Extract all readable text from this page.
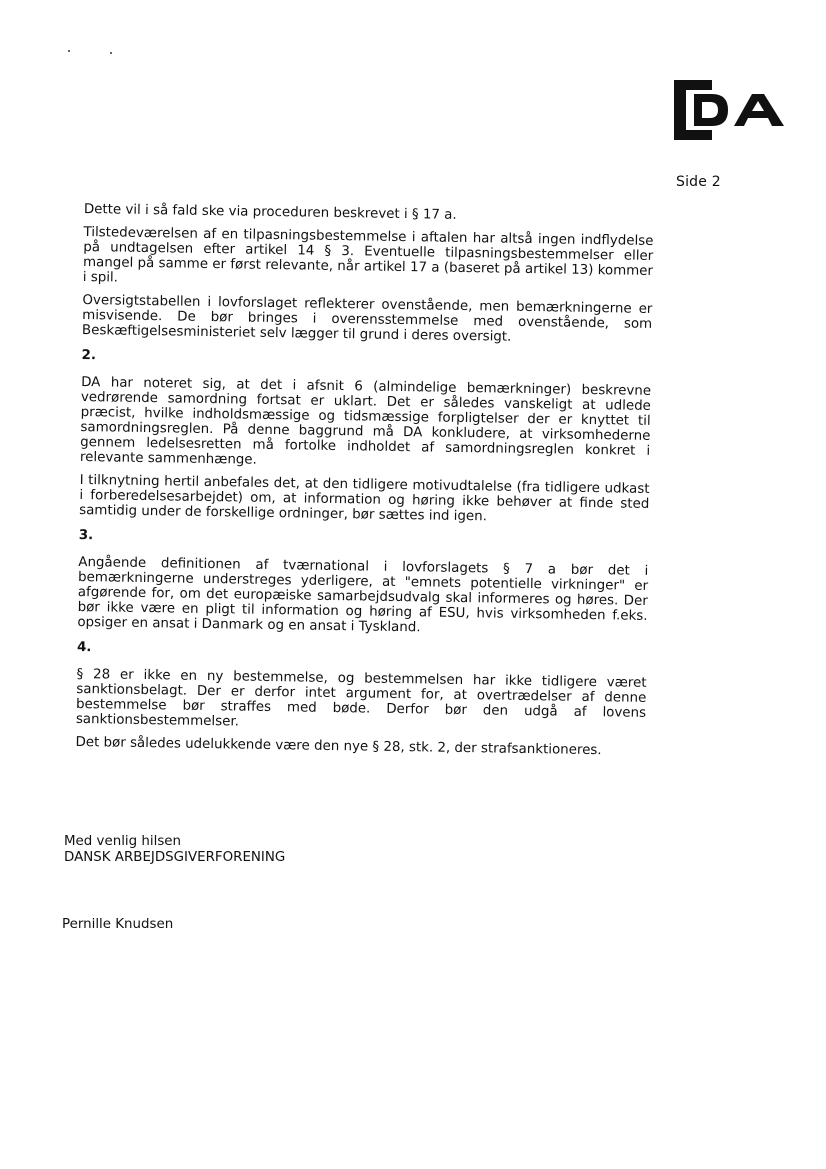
Side 2

Dette vil i så fald ske via proceduren beskrevet i § 17 a.

Tilstedeværelsen af en tilpasningsbestemmelse i aftalen har altså ingen indflydelse på undtagelsen efter artikel 14 § 3. Eventuelle tilpasningsbestemmelser eller mangel på samme er først relevante, når artikel 17 a (baseret på artikel 13) kommer i spil.

Oversigtstabellen i lovforslaget reflekterer ovenstående, men bemærkningerne er misvisende. De bør bringes i overensstemmelse med ovenstående, som Beskæftigelsesministeriet selv lægger til grund i deres oversigt.

2.

DA har noteret sig, at det i afsnit 6 (almindelige bemærkninger) beskrevne vedrørende samordning fortsat er uklart. Det er således vanskeligt at udlede præcist, hvilke indholdsmæssige og tidsmæssige forpligtelser der er knyttet til samordningsreglen. På denne baggrund må DA konkludere, at virksomhederne gennem ledelsesretten må fortolke indholdet af samordningsreglen konkret i relevante sammenhænge.

I tilknytning hertil anbefales det, at den tidligere motivudtalelse (fra tidligere udkast i forberedelsesarbejdet) om, at information og høring ikke behøver at finde sted samtidig under de forskellige ordninger, bør sættes ind igen.

3.

Angående definitionen af tværnational i lovforslagets § 7 a bør det i bemærkningerne understreges yderligere, at "emnets potentielle virkninger" er afgørende for, om det europæiske samarbejdsudvalg skal informeres og høres. Der bør ikke være en pligt til information og høring af ESU, hvis virksomheden f.eks. opsiger en ansat i Danmark og en ansat i Tyskland.

4.

§ 28 er ikke en ny bestemmelse, og bestemmelsen har ikke tidligere været sanktionsbelagt. Der er derfor intet argument for, at overtrædelser af denne bestemmelse bør straffes med bøde. Derfor bør den udgå af lovens sanktionsbestemmelser.

Det bør således udelukkende være den nye § 28, stk. 2, der strafsanktioneres.

Med venlig hilsen
DANSK ARBEJDSGIVERFORENING
Pernille Knudsen
